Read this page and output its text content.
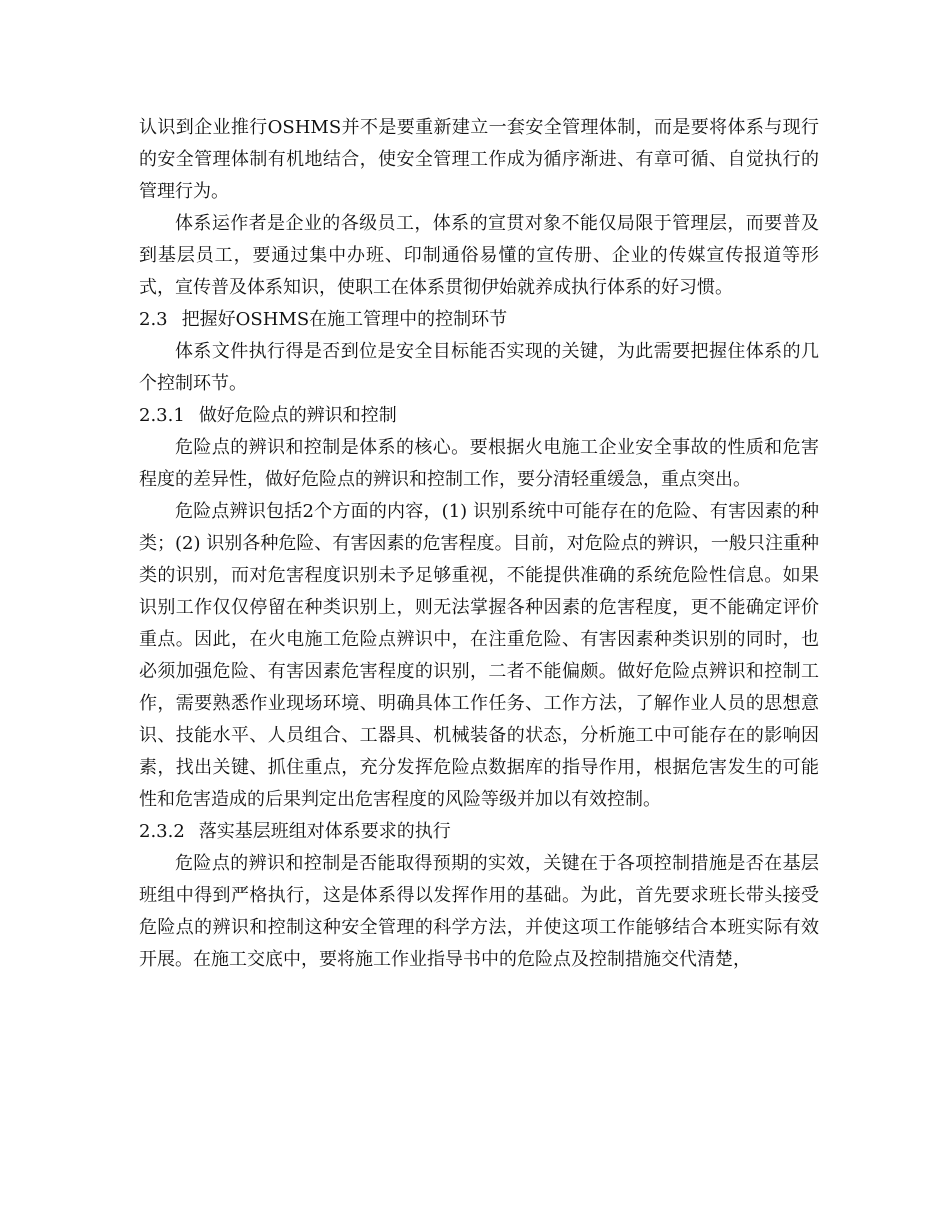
认识到企业推行OSHMS并不是要重新建立一套安全管理体制，而是要将体系与现行的安全管理体制有机地结合，使安全管理工作成为循序渐进、有章可循、自觉执行的管理行为。

体系运作者是企业的各级员工，体系的宣贯对象不能仅局限于管理层，而要普及到基层员工，要通过集中办班、印制通俗易懂的宣传册、企业的传媒宣传报道等形式，宣传普及体系知识，使职工在体系贯彻伊始就养成执行体系的好习惯。

2.3 把握好OSHMS在施工管理中的控制环节

体系文件执行得是否到位是安全目标能否实现的关键，为此需要把握住体系的几个控制环节。

2.3.1 做好危险点的辨识和控制

危险点的辨识和控制是体系的核心。要根据火电施工企业安全事故的性质和危害程度的差异性，做好危险点的辨识和控制工作，要分清轻重缓急，重点突出。

危险点辨识包括2个方面的内容，(1) 识别系统中可能存在的危险、有害因素的种类；(2) 识别各种危险、有害因素的危害程度。目前，对危险点的辨识，一般只注重种类的识别，而对危害程度识别未予足够重视，不能提供准确的系统危险性信息。如果识别工作仅仅停留在种类识别上，则无法掌握各种因素的危害程度，更不能确定评价重点。因此，在火电施工危险点辨识中，在注重危险、有害因素种类识别的同时，也必须加强危险、有害因素危害程度的识别，二者不能偏颇。做好危险点辨识和控制工作，需要熟悉作业现场环境、明确具体工作任务、工作方法，了解作业人员的思想意识、技能水平、人员组合、工器具、机械装备的状态，分析施工中可能存在的影响因素，找出关键、抓住重点，充分发挥危险点数据库的指导作用，根据危害发生的可能性和危害造成的后果判定出危害程度的风险等级并加以有效控制。

2.3.2 落实基层班组对体系要求的执行

危险点的辨识和控制是否能取得预期的实效，关键在于各项控制措施是否在基层班组中得到严格执行，这是体系得以发挥作用的基础。为此，首先要求班长带头接受危险点的辨识和控制这种安全管理的科学方法，并使这项工作能够结合本班实际有效开展。在施工交底中，要将施工作业指导书中的危险点及控制措施交代清楚，
